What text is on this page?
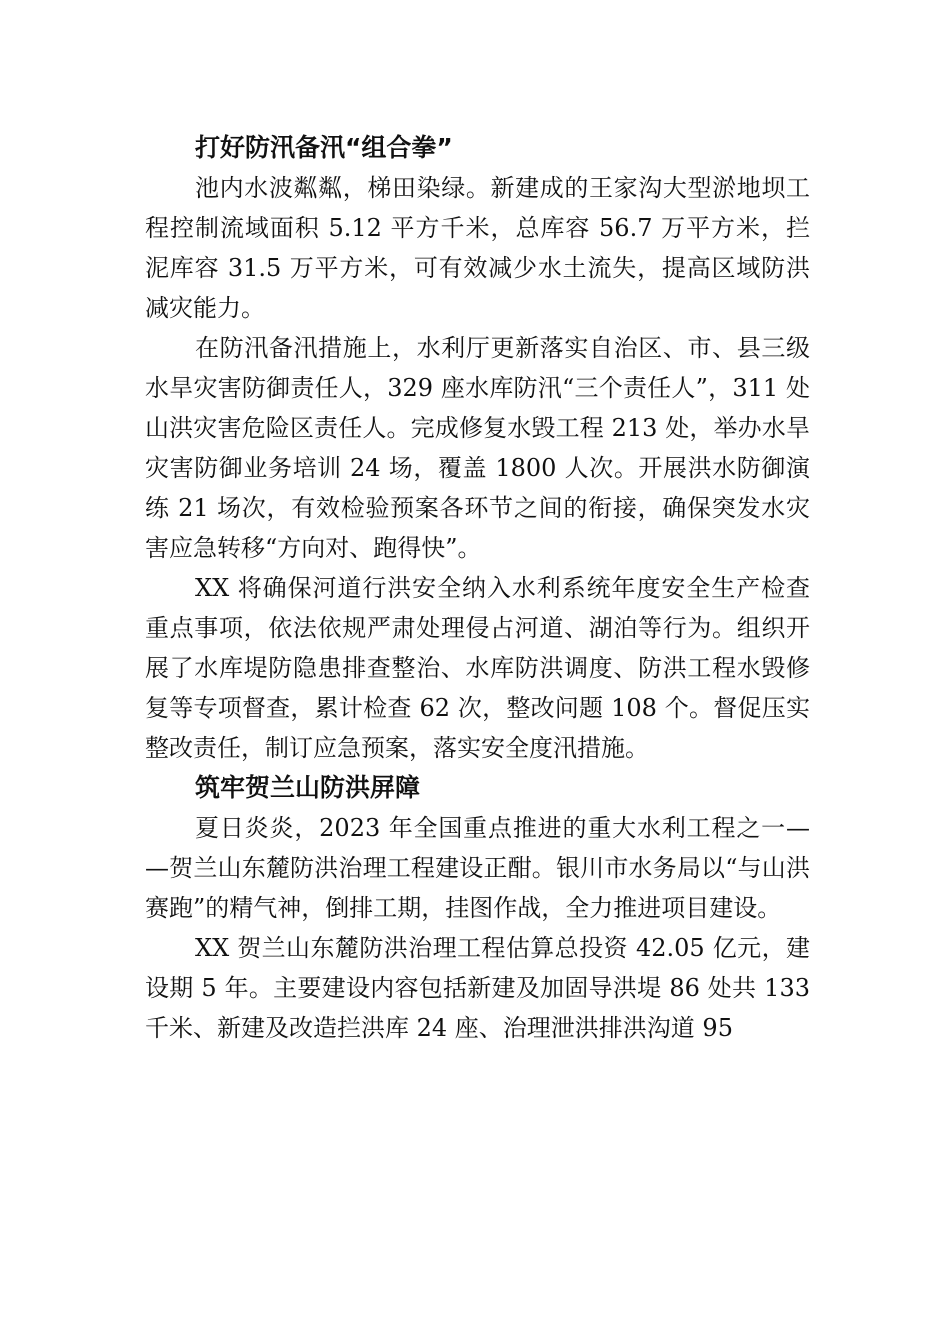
打好防汛备汛“组合拳”

池内水波粼粼，梯田染绿。新建成的王家沟大型淤地坝工程控制流域面积 5.12 平方千米，总库容 56.7 万平方米，拦泥库容 31.5 万平方米，可有效减少水土流失，提高区域防洪减灾能力。

在防汛备汛措施上，水利厅更新落实自治区、市、县三级水旱灾害防御责任人，329 座水库防汛“三个责任人”，311 处山洪灾害危险区责任人。完成修复水毁工程 213 处，举办水旱灾害防御业务培训 24 场，覆盖 1800 人次。开展洪水防御演练 21 场次，有效检验预案各环节之间的衔接，确保突发水灾害应急转移“方向对、跑得快”。

XX 将确保河道行洪安全纳入水利系统年度安全生产检查重点事项，依法依规严肃处理侵占河道、湖泊等行为。组织开展了水库堤防隐患排查整治、水库防洪调度、防洪工程水毁修复等专项督查，累计检查 62 次，整改问题 108 个。督促压实整改责任，制订应急预案，落实安全度汛措施。

筑牢贺兰山防洪屏障

夏日炎炎，2023 年全国重点推进的重大水利工程之一——贺兰山东麓防洪治理工程建设正酣。银川市水务局以“与山洪赛跑”的精气神，倒排工期，挂图作战，全力推进项目建设。

XX 贺兰山东麓防洪治理工程估算总投资 42.05 亿元，建设期 5 年。主要建设内容包括新建及加固导洪堤 86 处共 133 千米、新建及改造拦洪库 24 座、治理泄洪排洪沟道 95
